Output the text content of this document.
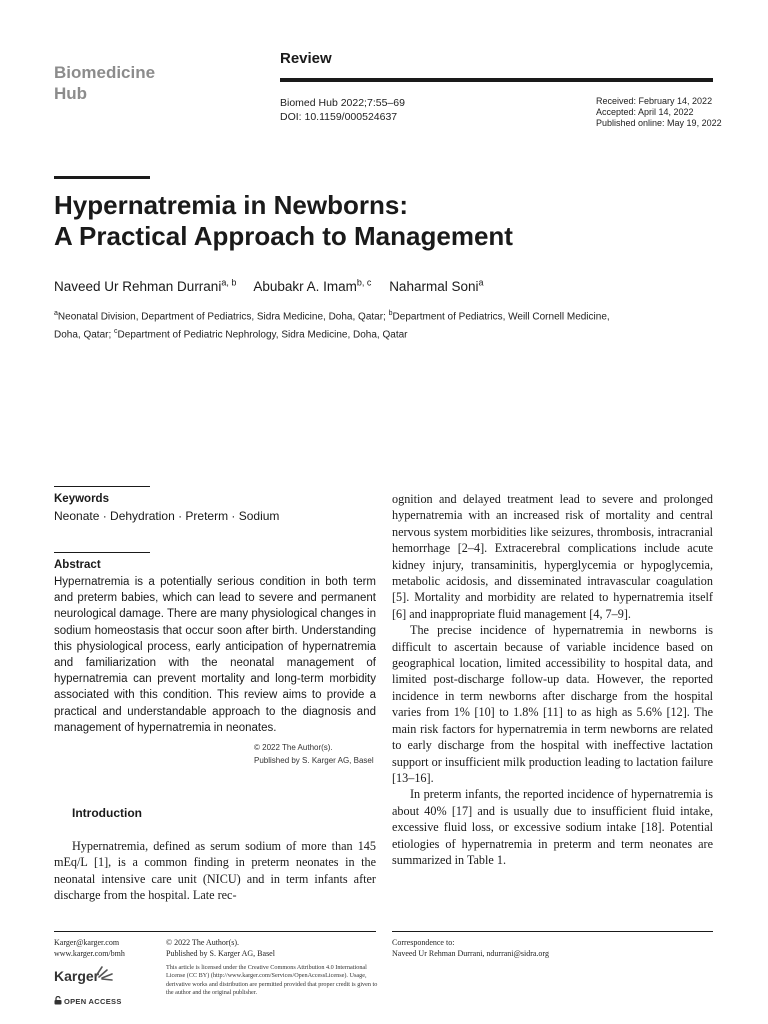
Biomedicine
Hub
Review
Biomed Hub 2022;7:55–69
DOI: 10.1159/000524637
Received: February 14, 2022
Accepted: April 14, 2022
Published online: May 19, 2022
Hypernatremia in Newborns:
A Practical Approach to Management
Naveed Ur Rehman Durrani$^{a, b}$ Abubakr A. Imam$^{b, c}$ Naharmal Soni$^a$
$^a$Neonatal Division, Department of Pediatrics, Sidra Medicine, Doha, Qatar; $^b$Department of Pediatrics, Weill Cornell Medicine, Doha, Qatar; $^c$Department of Pediatric Nephrology, Sidra Medicine, Doha, Qatar
Keywords
Neonate · Dehydration · Preterm · Sodium
Abstract
Hypernatremia is a potentially serious condition in both term and preterm babies, which can lead to severe and permanent neurological damage. There are many physiological changes in sodium homeostasis that occur soon after birth. Understanding this physiological process, early anticipation of hypernatremia and familiarization with the neonatal management of hypernatremia can prevent mortality and long-term morbidity associated with this condition. This review aims to provide a practical and understandable approach to the diagnosis and management of hypernatremia in neonates.
© 2022 The Author(s).
Published by S. Karger AG, Basel
Introduction
Hypernatremia, defined as serum sodium of more than 145 mEq/L [1], is a common finding in preterm neonates in the neonatal intensive care unit (NICU) and in term infants after discharge from the hospital. Late rec-

ognition and delayed treatment lead to severe and prolonged hypernatremia with an increased risk of mortality and central nervous system morbidities like seizures, thrombosis, intracranial hemorrhage [2–4]. Extracerebral complications include acute kidney injury, transaminitis, hyperglycemia or hypoglycemia, metabolic acidosis, and disseminated intravascular coagulation [5]. Mortality and morbidity are related to hypernatremia itself [6] and inappropriate fluid management [4, 7–9].

The precise incidence of hypernatremia in newborns is difficult to ascertain because of variable incidence based on geographical location, limited accessibility to hospital data, and limited post-discharge follow-up data. However, the reported incidence in term newborns after discharge from the hospital varies from 1% [10] to 1.8% [11] to as high as 5.6% [12]. The main risk factors for hypernatremia in term newborns are related to early discharge from the hospital with ineffective lactation support or insufficient milk production leading to lactation failure [13–16].

In preterm infants, the reported incidence of hypernatremia is about 40% [17] and is usually due to insufficient fluid intake, excessive fluid loss, or excessive sodium intake [18]. Potential etiologies of hypernatremia in preterm and term neonates are summarized in Table 1.

Karger@karger.com
www.karger.com/bmh
© 2022 The Author(s).
Published by S. Karger AG, Basel
This article is licensed under the Creative Commons Attribution 4.0 International License (CC BY) (http://www.karger.com/Services/OpenAccessLicense). Usage, derivative works and distribution are permitted provided that proper credit is given to the author and the original publisher.
Correspondence to:
Naveed Ur Rehman Durrani, ndurrani@sidra.org
Karger
OPEN ACCESS
